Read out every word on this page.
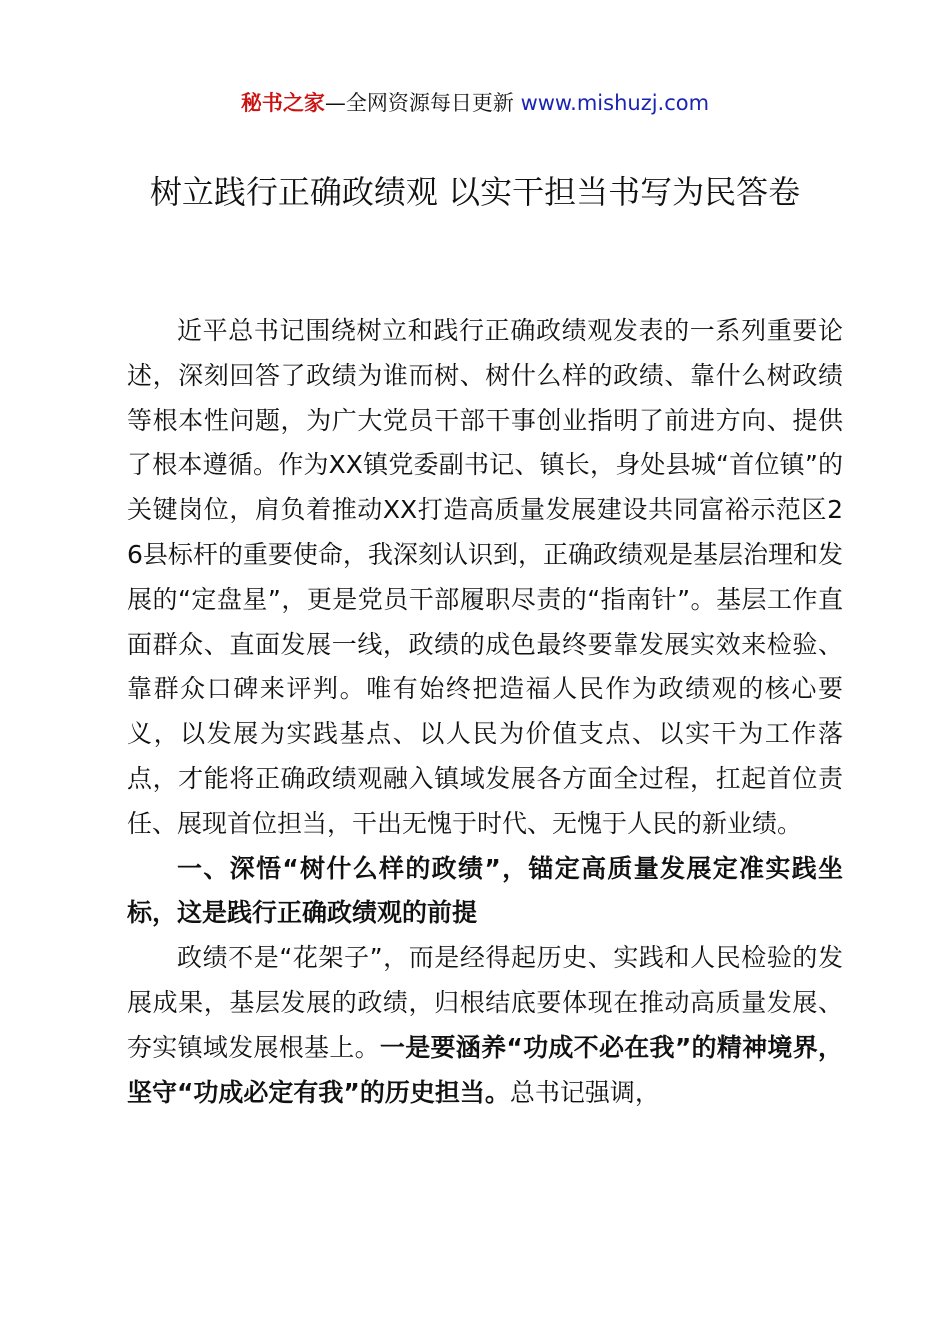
秘书之家—全网资源每日更新 www.mishuzj.com
树立践行正确政绩观 以实干担当书写为民答卷

近平总书记围绕树立和践行正确政绩观发表的一系列重要论述，深刻回答了政绩为谁而树、树什么样的政绩、靠什么树政绩等根本性问题，为广大党员干部干事创业指明了前进方向、提供了根本遵循。作为XX镇党委副书记、镇长，身处县城“首位镇”的关键岗位，肩负着推动XX打造高质量发展建设共同富裕示范区26县标杆的重要使命，我深刻认识到，正确政绩观是基层治理和发展的“定盘星”，更是党员干部履职尽责的“指南针”。基层工作直面群众、直面发展一线，政绩的成色最终要靠发展实效来检验、靠群众口碑来评判。唯有始终把造福人民作为政绩观的核心要义，以发展为实践基点、以人民为价值支点、以实干为工作落点，才能将正确政绩观融入镇域发展各方面全过程，扛起首位责任、展现首位担当，干出无愧于时代、无愧于人民的新业绩。

一、深悟“树什么样的政绩”，锚定高质量发展定准实践坐标，这是践行正确政绩观的前提

政绩不是“花架子”，而是经得起历史、实践和人民检验的发展成果，基层发展的政绩，归根结底要体现在推动高质量发展、夯实镇域发展根基上。一是要涵养“功成不必在我”的精神境界，坚守“功成必定有我”的历史担当。总书记强调，
